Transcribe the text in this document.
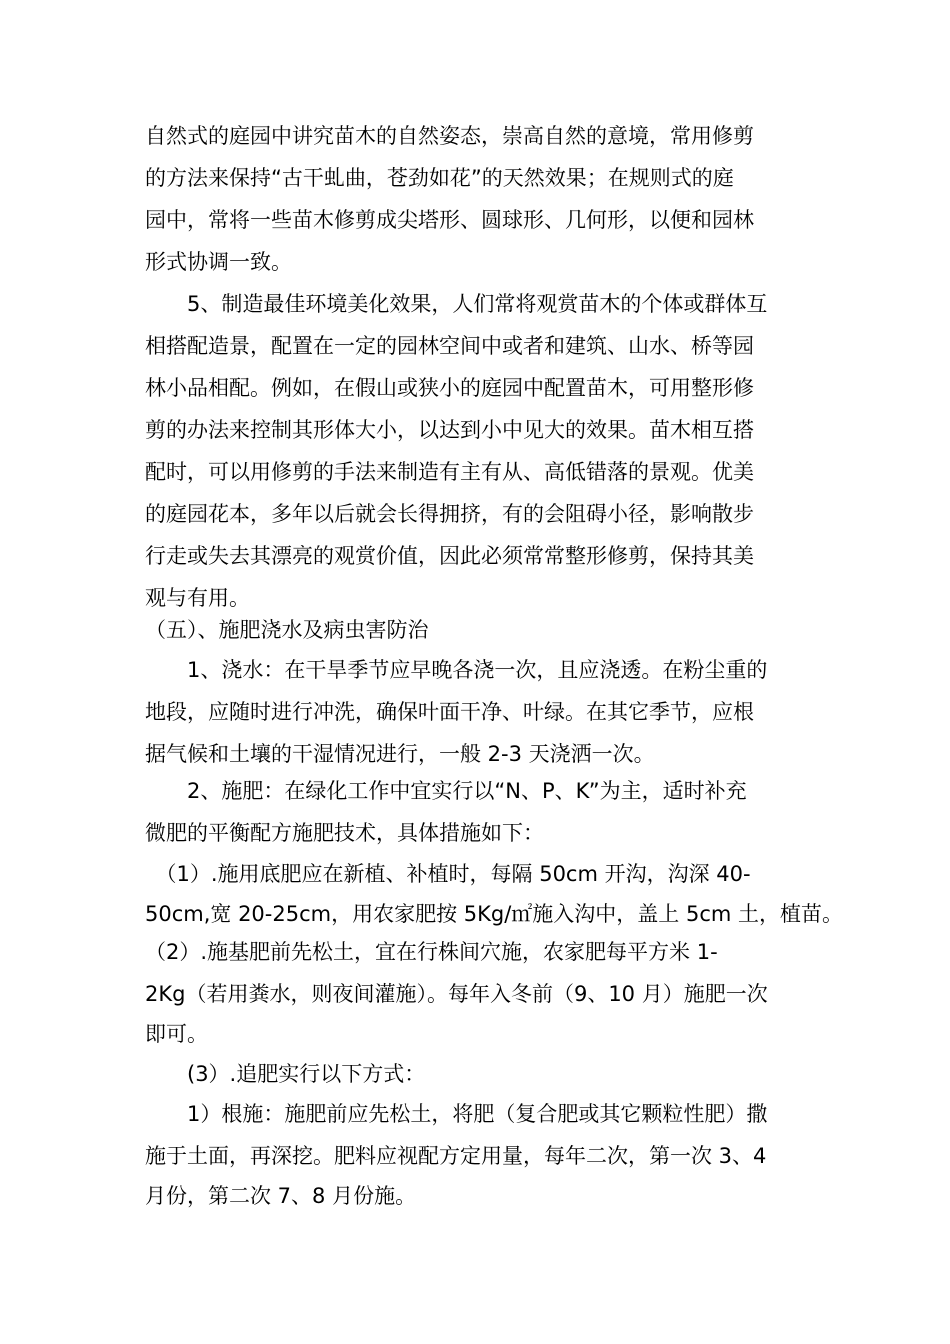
自然式的庭园中讲究苗木的自然姿态，崇高自然的意境，常用修剪
的方法来保持“古干虬曲，苍劲如花”的天然效果；在规则式的庭
园中，常将一些苗木修剪成尖塔形、圆球形、几何形，以便和园林
形式协调一致。
　　5、制造最佳环境美化效果，人们常将观赏苗木的个体或群体互
相搭配造景，配置在一定的园林空间中或者和建筑、山水、桥等园
林小品相配。例如，在假山或狭小的庭园中配置苗木，可用整形修
剪的办法来控制其形体大小，以达到小中见大的效果。苗木相互搭
配时，可以用修剪的手法来制造有主有从、高低错落的景观。优美
的庭园花本，多年以后就会长得拥挤，有的会阻碍小径，影响散步
行走或失去其漂亮的观赏价值，因此必须常常整形修剪，保持其美
观与有用。
（五）、施肥浇水及病虫害防治
　　1、浇水：在干旱季节应早晚各浇一次，且应浇透。在粉尘重的
地段，应随时进行冲洗，确保叶面干净、叶绿。在其它季节，应根
据气候和土壤的干湿情况进行，一般 2-3 天浇洒一次。
　　2、施肥：在绿化工作中宜实行以“N、P、K”为主，适时补充
微肥的平衡配方施肥技术，具体措施如下：
　（1）.施用底肥应在新植、补植时，每隔 50cm 开沟，沟深 40-
50cm,宽 20-25cm，用农家肥按 5Kg/㎡施入沟中，盖上 5cm 土，植苗。
（2）.施基肥前先松土，宜在行株间穴施，农家肥每平方米 1-
2Kg（若用粪水，则夜间灌施）。每年入冬前（9、10 月）施肥一次
即可。
　　(3）.追肥实行以下方式：
　　1）根施：施肥前应先松土，将肥（复合肥或其它颗粒性肥）撒
施于土面，再深挖。肥料应视配方定用量，每年二次，第一次 3、4
月份，第二次 7、8 月份施。
